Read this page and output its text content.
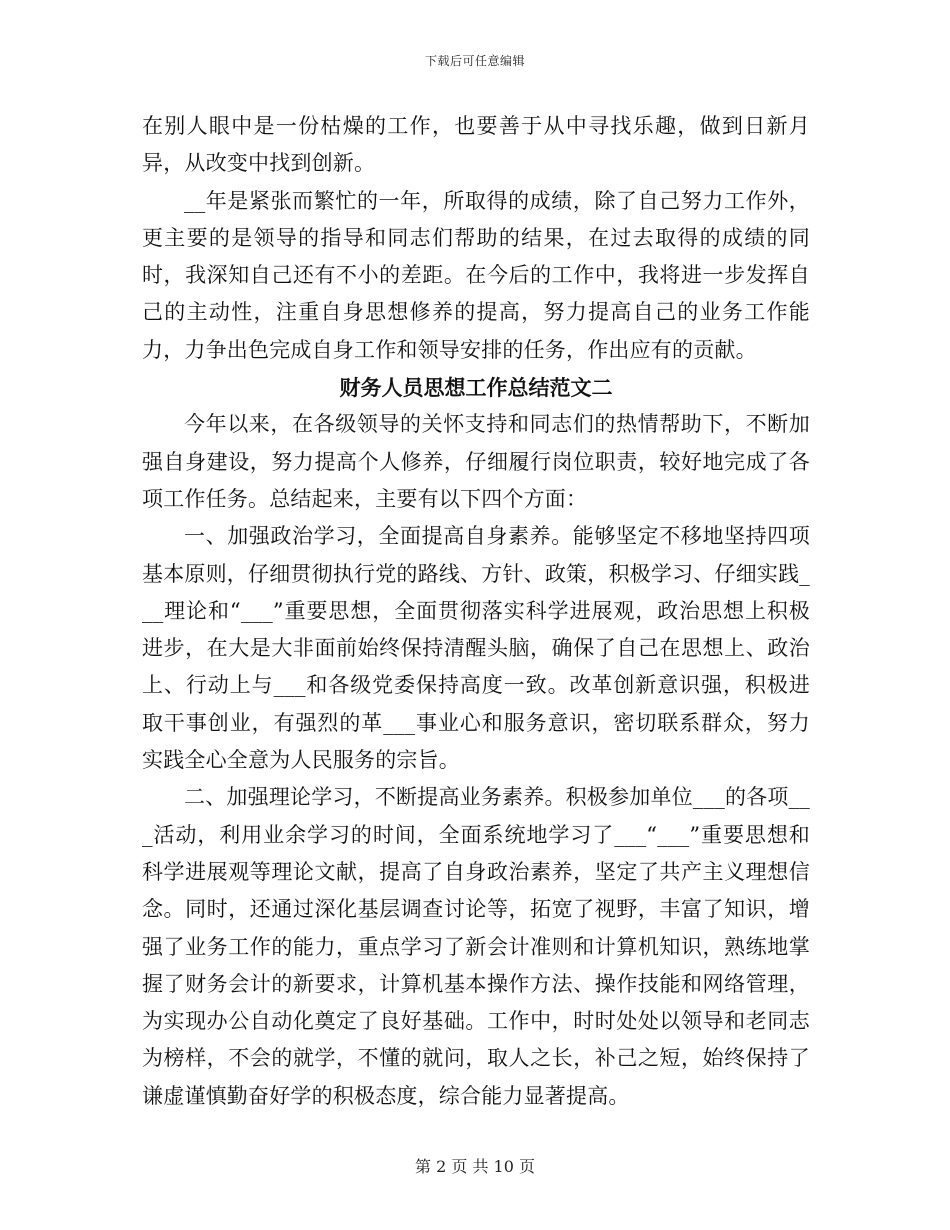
下载后可任意编辑

在别人眼中是一份枯燥的工作，也要善于从中寻找乐趣，做到日新月异，从改变中找到创新。

__年是紧张而繁忙的一年，所取得的成绩，除了自己努力工作外，更主要的是领导的指导和同志们帮助的结果，在过去取得的成绩的同时，我深知自己还有不小的差距。在今后的工作中，我将进一步发挥自己的主动性，注重自身思想修养的提高，努力提高自己的业务工作能力，力争出色完成自身工作和领导安排的任务，作出应有的贡献。

财务人员思想工作总结范文二

今年以来，在各级领导的关怀支持和同志们的热情帮助下，不断加强自身建设，努力提高个人修养，仔细履行岗位职责，较好地完成了各项工作任务。总结起来，主要有以下四个方面：

一、加强政治学习，全面提高自身素养。能够坚定不移地坚持四项基本原则，仔细贯彻执行党的路线、方针、政策，积极学习、仔细实践___理论和“___”重要思想，全面贯彻落实科学进展观，政治思想上积极进步，在大是大非面前始终保持清醒头脑，确保了自己在思想上、政治上、行动上与___和各级党委保持高度一致。改革创新意识强，积极进取干事创业，有强烈的革___事业心和服务意识，密切联系群众，努力实践全心全意为人民服务的宗旨。

二、加强理论学习，不断提高业务素养。积极参加单位___的各项___活动，利用业余学习的时间，全面系统地学习了___“___”重要思想和科学进展观等理论文献，提高了自身政治素养，坚定了共产主义理想信念。同时，还通过深化基层调查讨论等，拓宽了视野，丰富了知识，增强了业务工作的能力，重点学习了新会计准则和计算机知识，熟练地掌握了财务会计的新要求，计算机基本操作方法、操作技能和网络管理，为实现办公自动化奠定了良好基础。工作中，时时处处以领导和老同志为榜样，不会的就学，不懂的就问，取人之长，补己之短，始终保持了谦虚谨慎勤奋好学的积极态度，综合能力显著提高。

第 2 页 共 10 页
